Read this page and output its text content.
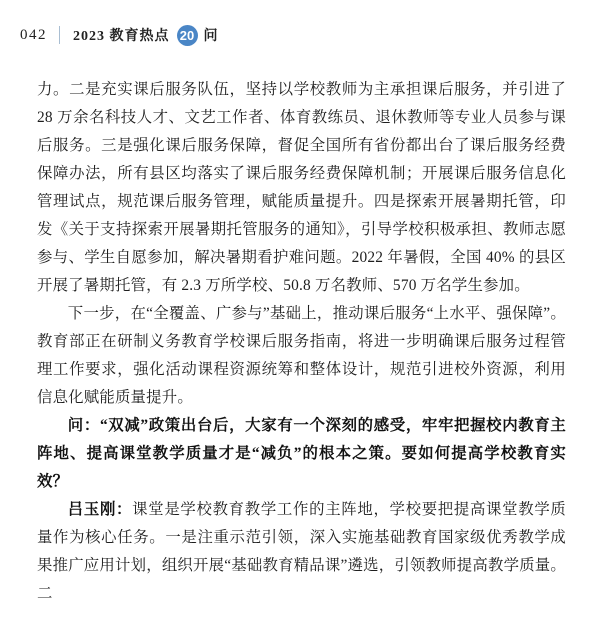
042 2023 教育热点 20 问

力。二是充实课后服务队伍，坚持以学校教师为主承担课后服务，并引进了 28 万余名科技人才、文艺工作者、体育教练员、退休教师等专业人员参与课后服务。三是强化课后服务保障，督促全国所有省份都出台了课后服务经费保障办法，所有县区均落实了课后服务经费保障机制；开展课后服务信息化管理试点，规范课后服务管理，赋能质量提升。四是探索开展暑期托管，印发《关于支持探索开展暑期托管服务的通知》，引导学校积极承担、教师志愿参与、学生自愿参加，解决暑期看护难问题。2022 年暑假，全国 40% 的县区开展了暑期托管，有 2.3 万所学校、50.8 万名教师、570 万名学生参加。

下一步，在“全覆盖、广参与”基础上，推动课后服务“上水平、强保障”。教育部正在研制义务教育学校课后服务指南，将进一步明确课后服务过程管理工作要求，强化活动课程资源统筹和整体设计，规范引进校外资源，利用信息化赋能质量提升。

问：“双减”政策出台后，大家有一个深刻的感受，牢牢把握校内教育主阵地、提高课堂教学质量才是“减负”的根本之策。要如何提高学校教育实效？

吕玉刚：课堂是学校教育教学工作的主阵地，学校要把提高课堂教学质量作为核心任务。一是注重示范引领，深入实施基础教育国家级优秀教学成果推广应用计划，组织开展“基础教育精品课”遴选，引领教师提高教学质量。二
